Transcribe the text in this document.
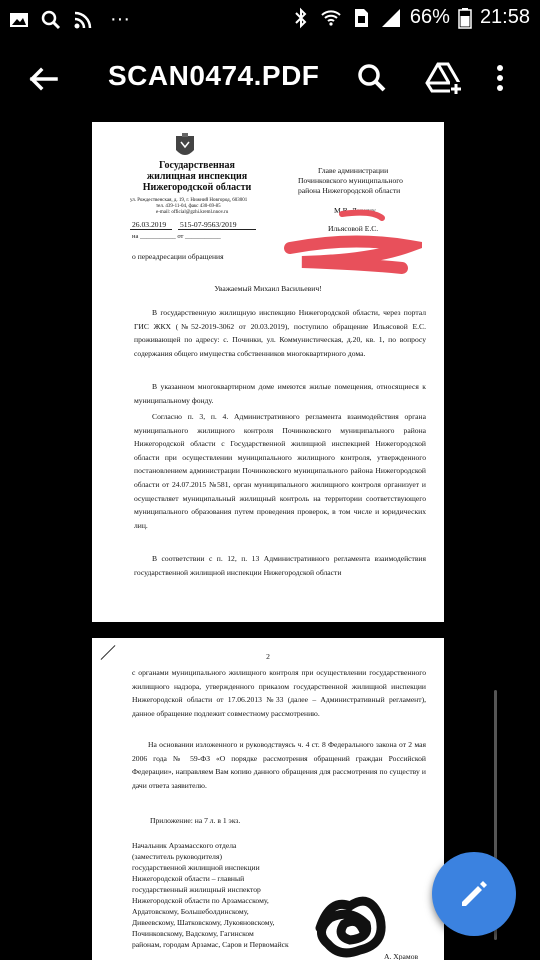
···	66% 21:58
SCAN0474.PDF
Государственная
жилищная инспекция
Нижегородской области
ул. Рождественская, д. 19, г. Нижний Новгород, 603001
тел. 439-11-04, факс 430-69-85
e-mail: official@gzhi.kreml.nnov.ru
26.03.2019 515-07-9563/2019
на ___________ от ___________
о переадресации обращения
Главе администрации
Починковского муниципального
района Нижегородской области
М.В. Ларину
Ильясовой Е.С.
Уважаемый Михаил Васильевич!
В государственную жилищную инспекцию Нижегородской области, через портал ГИС ЖКХ (№52-2019-3062 от 20.03.2019), поступило обращение Ильясовой Е.С. проживающей по адресу: с. Починки, ул. Коммунистическая, д.20, кв. 1, по вопросу содержания общего имущества собственников многоквартирного дома.
В указанном многоквартирном доме имеются жилые помещения, относящиеся к муниципальному фонду.
Согласно п. 3, п. 4. Административного регламента взаимодействия органа муниципального жилищного контроля Починковского муниципального района Нижегородской области с Государственной жилищной инспекцией Нижегородской области при осуществлении муниципального жилищного контроля, утвержденного постановлением администрации Починковского муниципального района Нижегородской области от 24.07.2015 №581, орган муниципального жилищного контроля организует и осуществляет муниципальный жилищный контроль на территории соответствующего муниципального образования путем проведения проверок, в том числе и юридических лиц.
В соответствии с п. 12, п. 13 Административного регламента взаимодействия государственной жилищной инспекции Нижегородской области
2
с органами муниципального жилищного контроля при осуществлении государственного жилищного надзора, утвержденного приказом государственной жилищной инспекции Нижегородской области от 17.06.2013 №33 (далее – Административный регламент), данное обращение подлежит совместному рассмотрению.
На основании изложенного и руководствуясь ч. 4 ст. 8 Федерального закона от 2 мая 2006 года № 59-ФЗ «О порядке рассмотрения обращений граждан Российской Федерации», направляем Вам копию данного обращения для рассмотрения по существу и дачи ответа заявителю.
Приложение: на 7 л. в 1 экз.
Начальник Арзамасского отдела
(заместитель руководителя)
государственной жилищной инспекции
Нижегородской области – главный
государственный жилищный инспектор
Нижегородской области по Арзамасскому,
Ардатовскому, Большеболдинскому,
Дивеевскому, Шатковскому, Лукояновскому,
Починковскому, Вадскому, Гагинском
районам, городам Арзамас, Саров и Первомайск
А. Храмов
